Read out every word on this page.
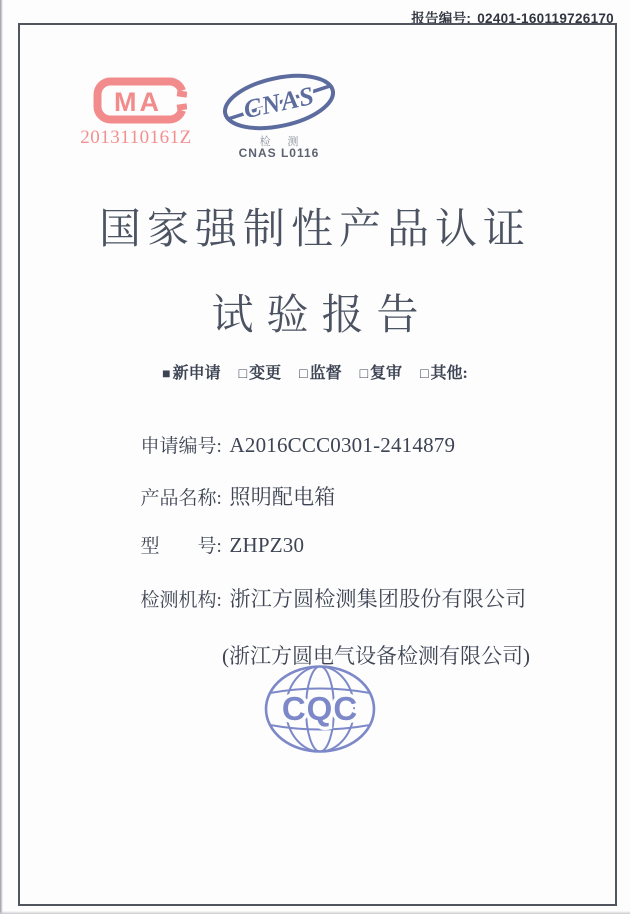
报告编号: 02401-160119726170
MA
2013110161Z
CNAS
检 测
CNAS L0116
国家强制性产品认证
试验报告
■ 新申请 □ 变更 □ 监督 □ 复审 □ 其他:

申请编号: A2016CCC0301-2414879

产品名称: 照明配电箱

型　　号: ZHPZ30

检测机构: 浙江方圆检测集团股份有限公司

(浙江方圆电气设备检测有限公司)

CQC
